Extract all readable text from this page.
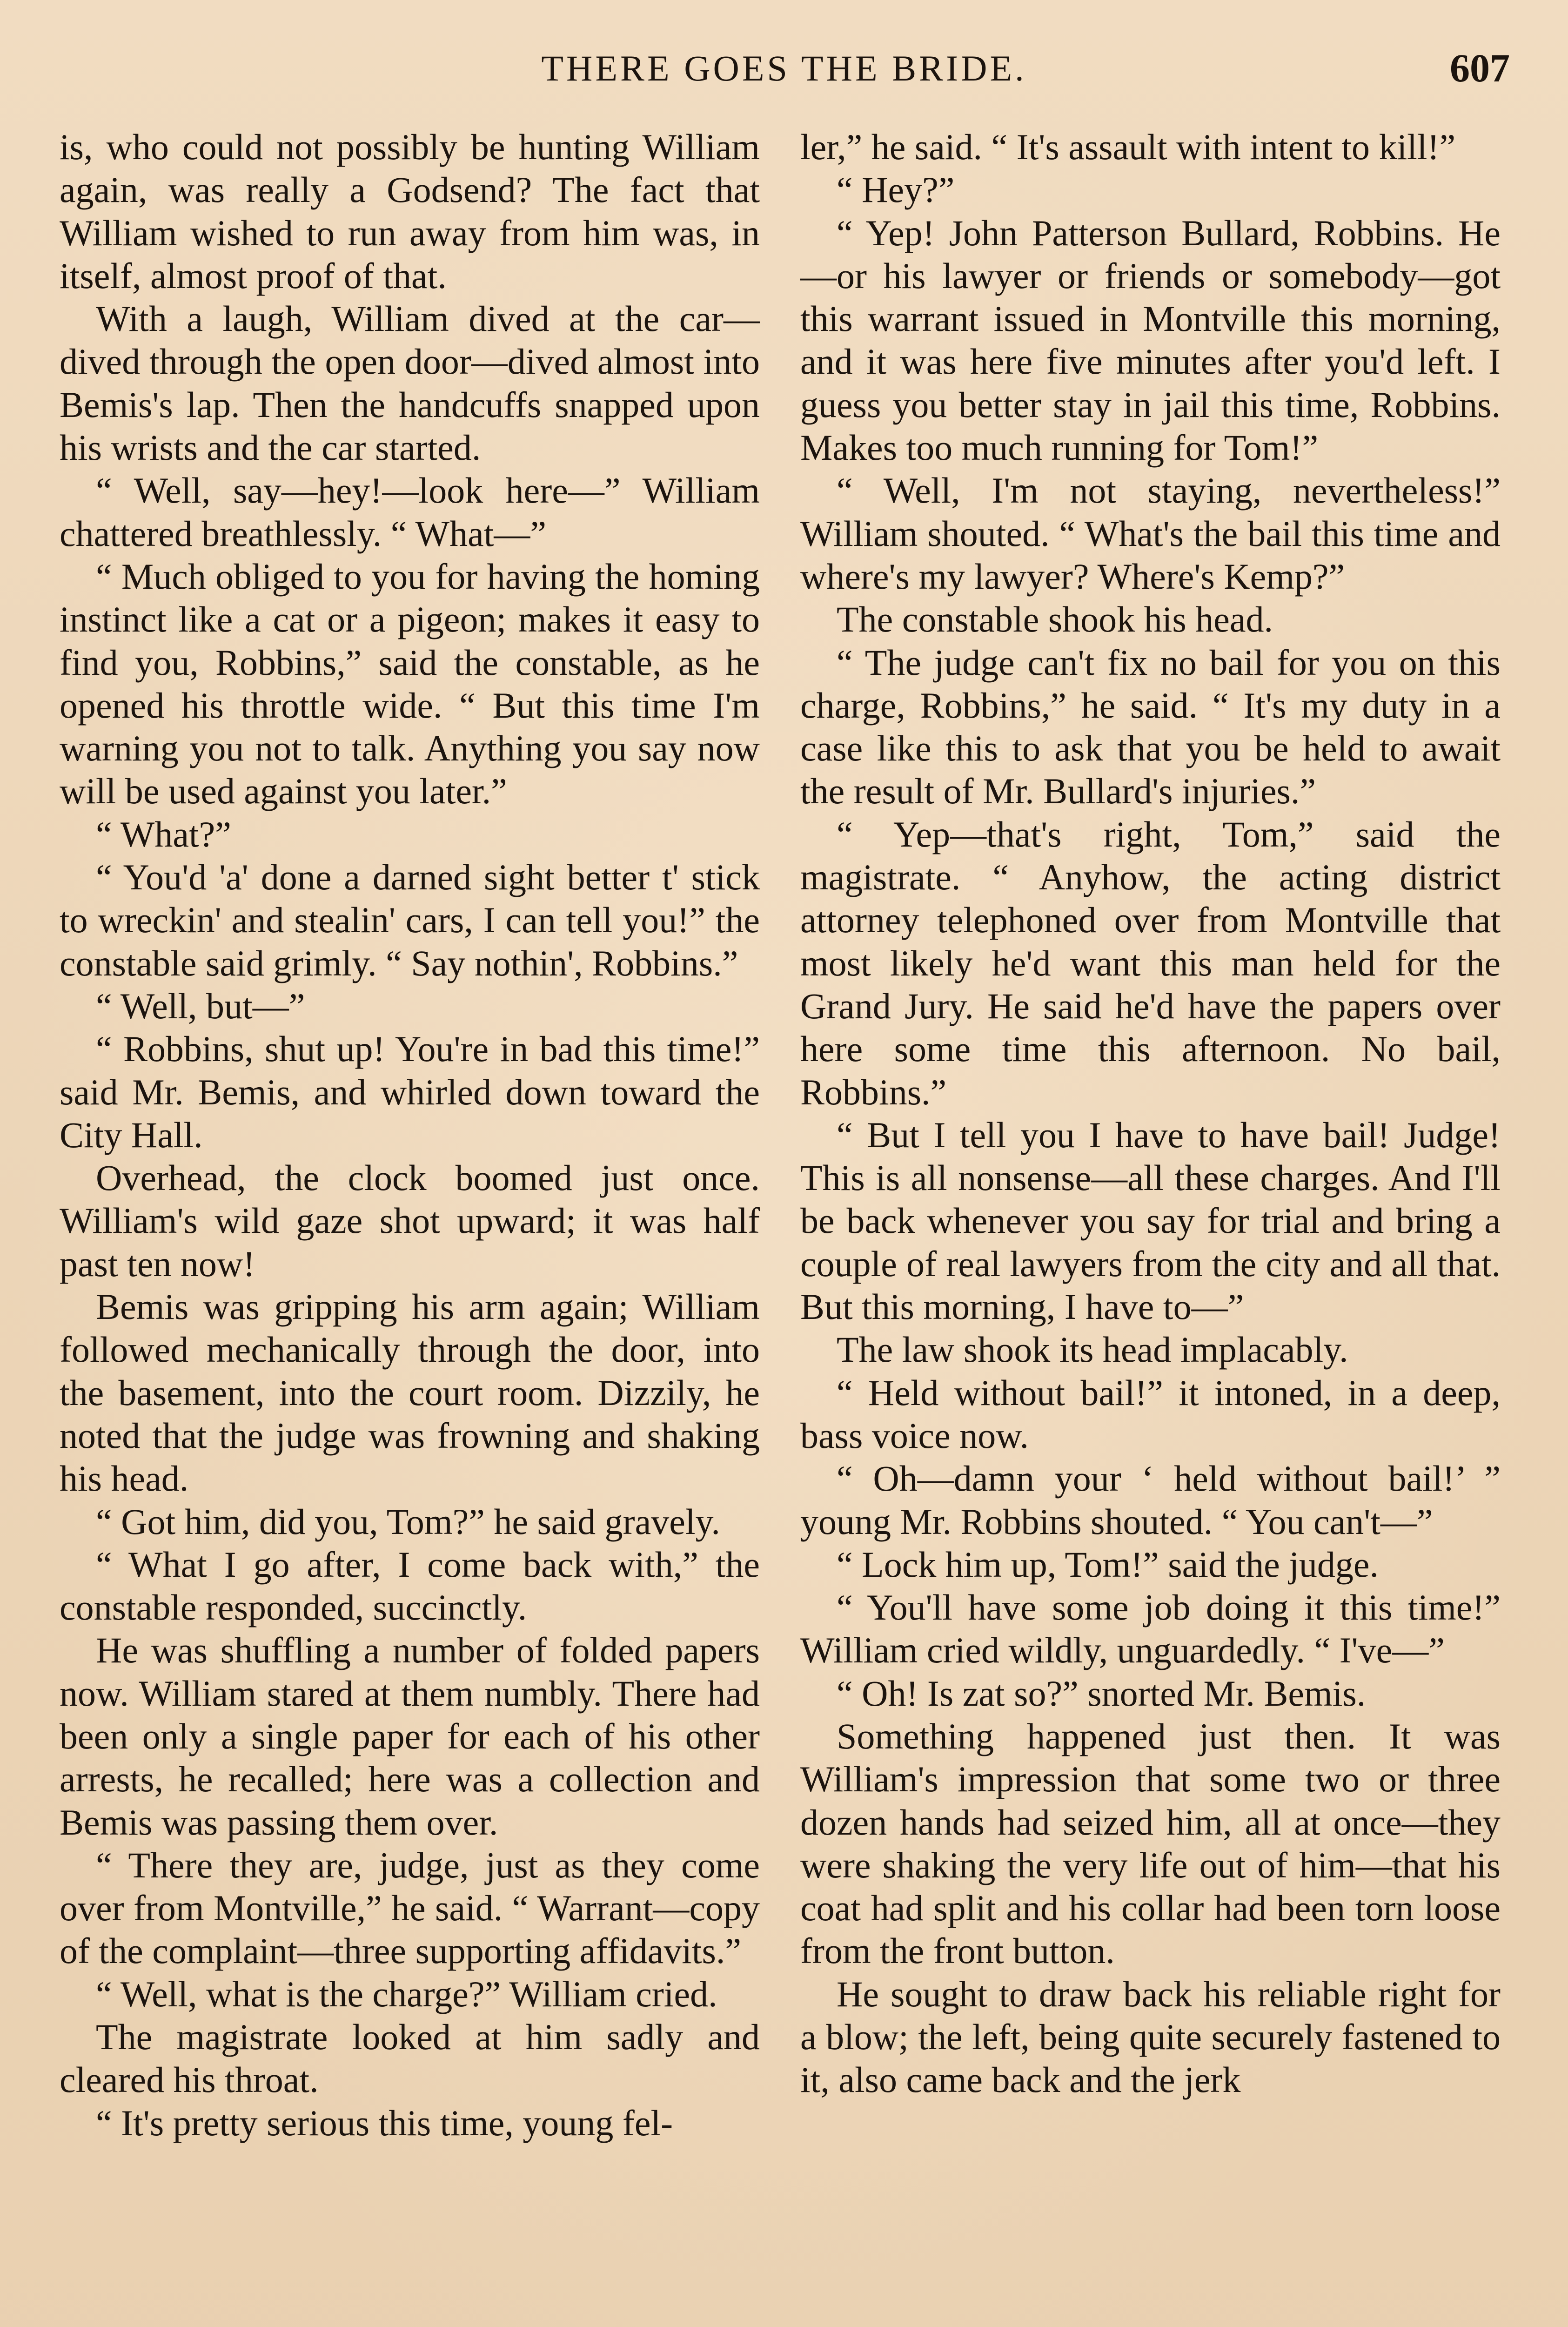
THERE GOES THE BRIDE.	607

is, who could not possibly be hunting William again, was really a Godsend? The fact that William wished to run away from him was, in itself, almost proof of that.

With a laugh, William dived at the car—dived through the open door—dived almost into Bemis's lap. Then the handcuffs snapped upon his wrists and the car started.

“ Well, say—hey!—look here—” William chattered breathlessly. “ What—”

“ Much obliged to you for having the homing instinct like a cat or a pigeon; makes it easy to find you, Robbins,” said the constable, as he opened his throttle wide. “ But this time I'm warning you not to talk. Anything you say now will be used against you later.”

“ What?”

“ You'd 'a' done a darned sight better t' stick to wreckin' and stealin' cars, I can tell you!” the constable said grimly. “ Say nothin', Robbins.”

“ Well, but—”

“ Robbins, shut up! You're in bad this time!” said Mr. Bemis, and whirled down toward the City Hall.

Overhead, the clock boomed just once. William's wild gaze shot upward; it was half past ten now!

Bemis was gripping his arm again; William followed mechanically through the door, into the basement, into the court room. Dizzily, he noted that the judge was frowning and shaking his head.

“ Got him, did you, Tom?” he said gravely.

“ What I go after, I come back with,” the constable responded, succinctly.

He was shuffling a number of folded papers now. William stared at them numbly. There had been only a single paper for each of his other arrests, he recalled; here was a collection and Bemis was passing them over.

“ There they are, judge, just as they come over from Montville,” he said. “ Warrant—copy of the complaint—three supporting affidavits.”

“ Well, what is the charge?” William cried.

The magistrate looked at him sadly and cleared his throat.

“ It's pretty serious this time, young fel-

ler,” he said. “ It's assault with intent to kill!”

“ Hey?”

“ Yep! John Patterson Bullard, Robbins. He—or his lawyer or friends or somebody—got this warrant issued in Montville this morning, and it was here five minutes after you'd left. I guess you better stay in jail this time, Robbins. Makes too much running for Tom!”

“ Well, I'm not staying, nevertheless!” William shouted. “ What's the bail this time and where's my lawyer? Where's Kemp?”

The constable shook his head.

“ The judge can't fix no bail for you on this charge, Robbins,” he said. “ It's my duty in a case like this to ask that you be held to await the result of Mr. Bullard's injuries.”

“ Yep—that's right, Tom,” said the magistrate. “ Anyhow, the acting district attorney telephoned over from Montville that most likely he'd want this man held for the Grand Jury. He said he'd have the papers over here some time this afternoon. No bail, Robbins.”

“ But I tell you I have to have bail! Judge! This is all nonsense—all these charges. And I'll be back whenever you say for trial and bring a couple of real lawyers from the city and all that. But this morning, I have to—”

The law shook its head implacably.

“ Held without bail!” it intoned, in a deep, bass voice now.

“ Oh—damn your ‘ held without bail!’ ” young Mr. Robbins shouted. “ You can't—”

“ Lock him up, Tom!” said the judge.

“ You'll have some job doing it this time!” William cried wildly, unguardedly. “ I've—”

“ Oh! Is zat so?” snorted Mr. Bemis.

Something happened just then. It was William's impression that some two or three dozen hands had seized him, all at once—they were shaking the very life out of him—that his coat had split and his collar had been torn loose from the front button.

He sought to draw back his reliable right for a blow; the left, being quite securely fastened to it, also came back and the jerk
